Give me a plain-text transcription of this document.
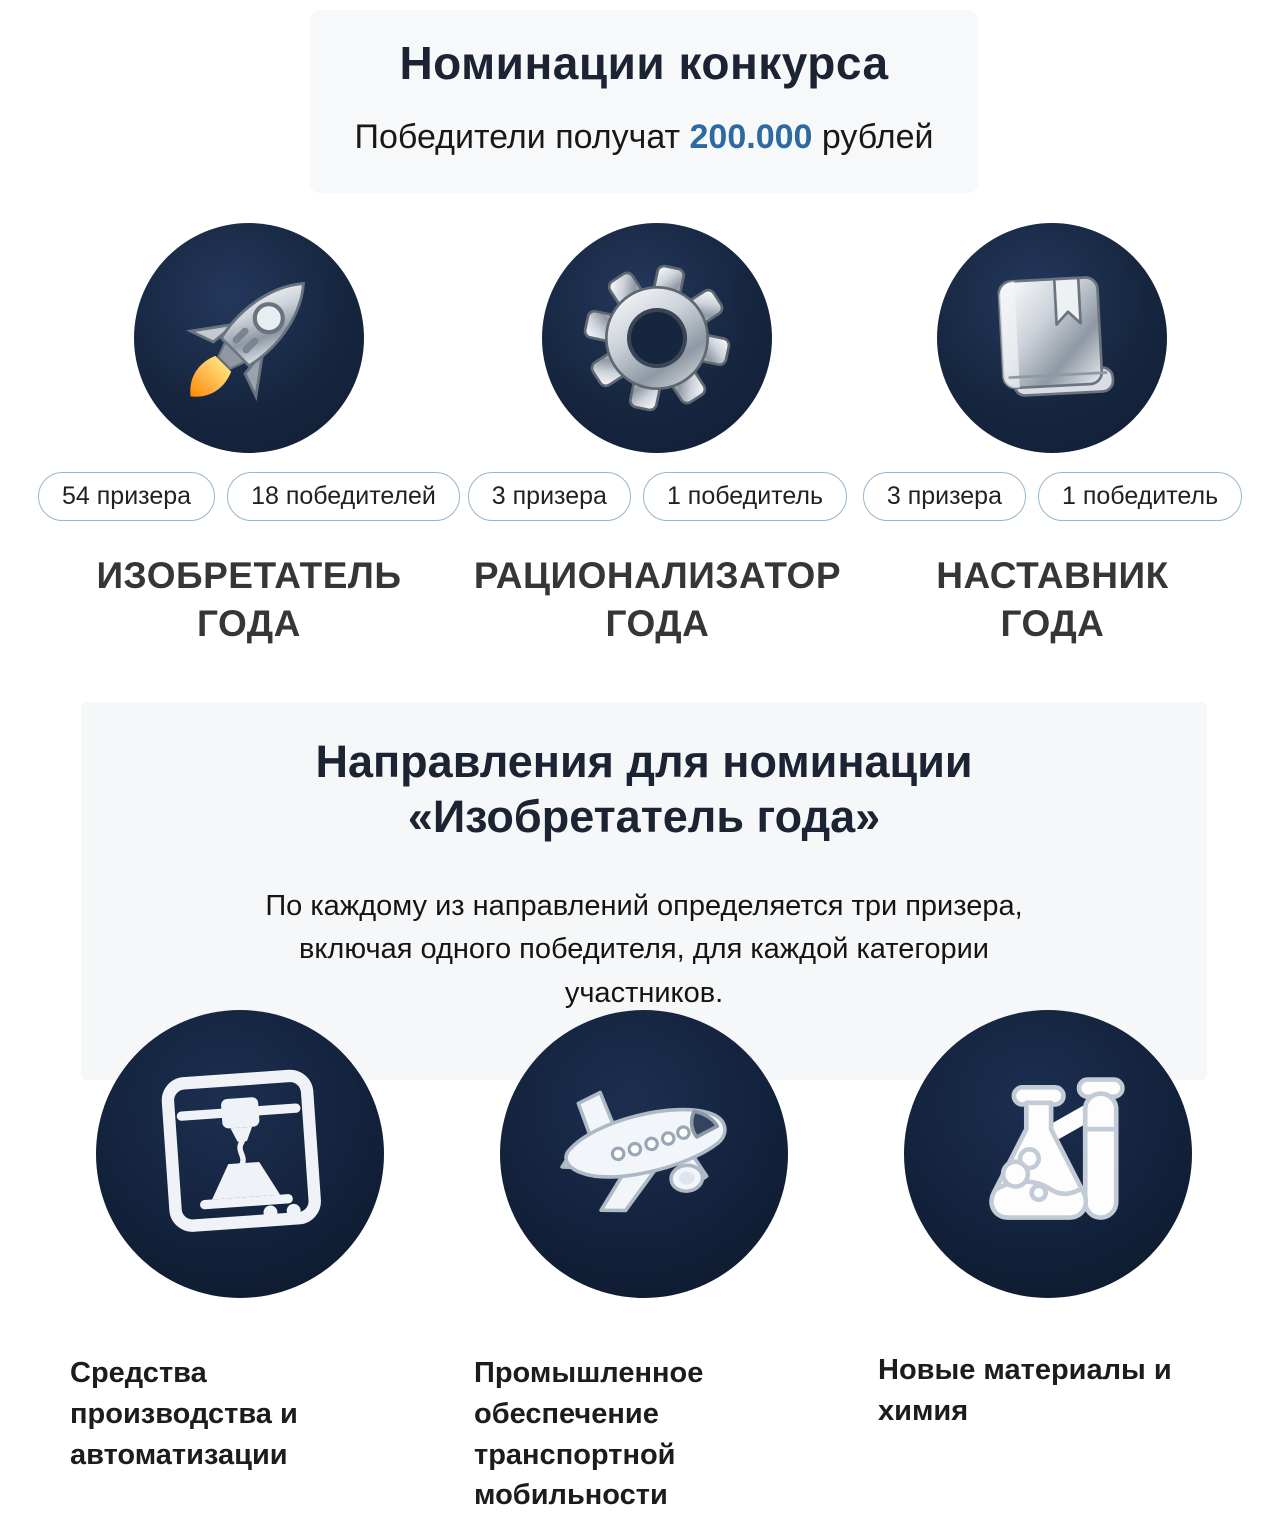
Номинации конкурса
Победители получат 200.000 рублей
54 призера	18 победителей
ИЗОБРЕТАТЕЛЬ
ГОДА
3 призера	1 победитель
РАЦИОНАЛИЗАТОР
ГОДА
3 призера	1 победитель
НАСТАВНИК
ГОДА
Направления для номинации
«Изобретатель года»

По каждому из направлений определяется три призера, включая одного победителя, для каждой категории участников.

Средства производства и автоматизации
Промышленное обеспечение транспортной мобильности
Новые материалы и химия
